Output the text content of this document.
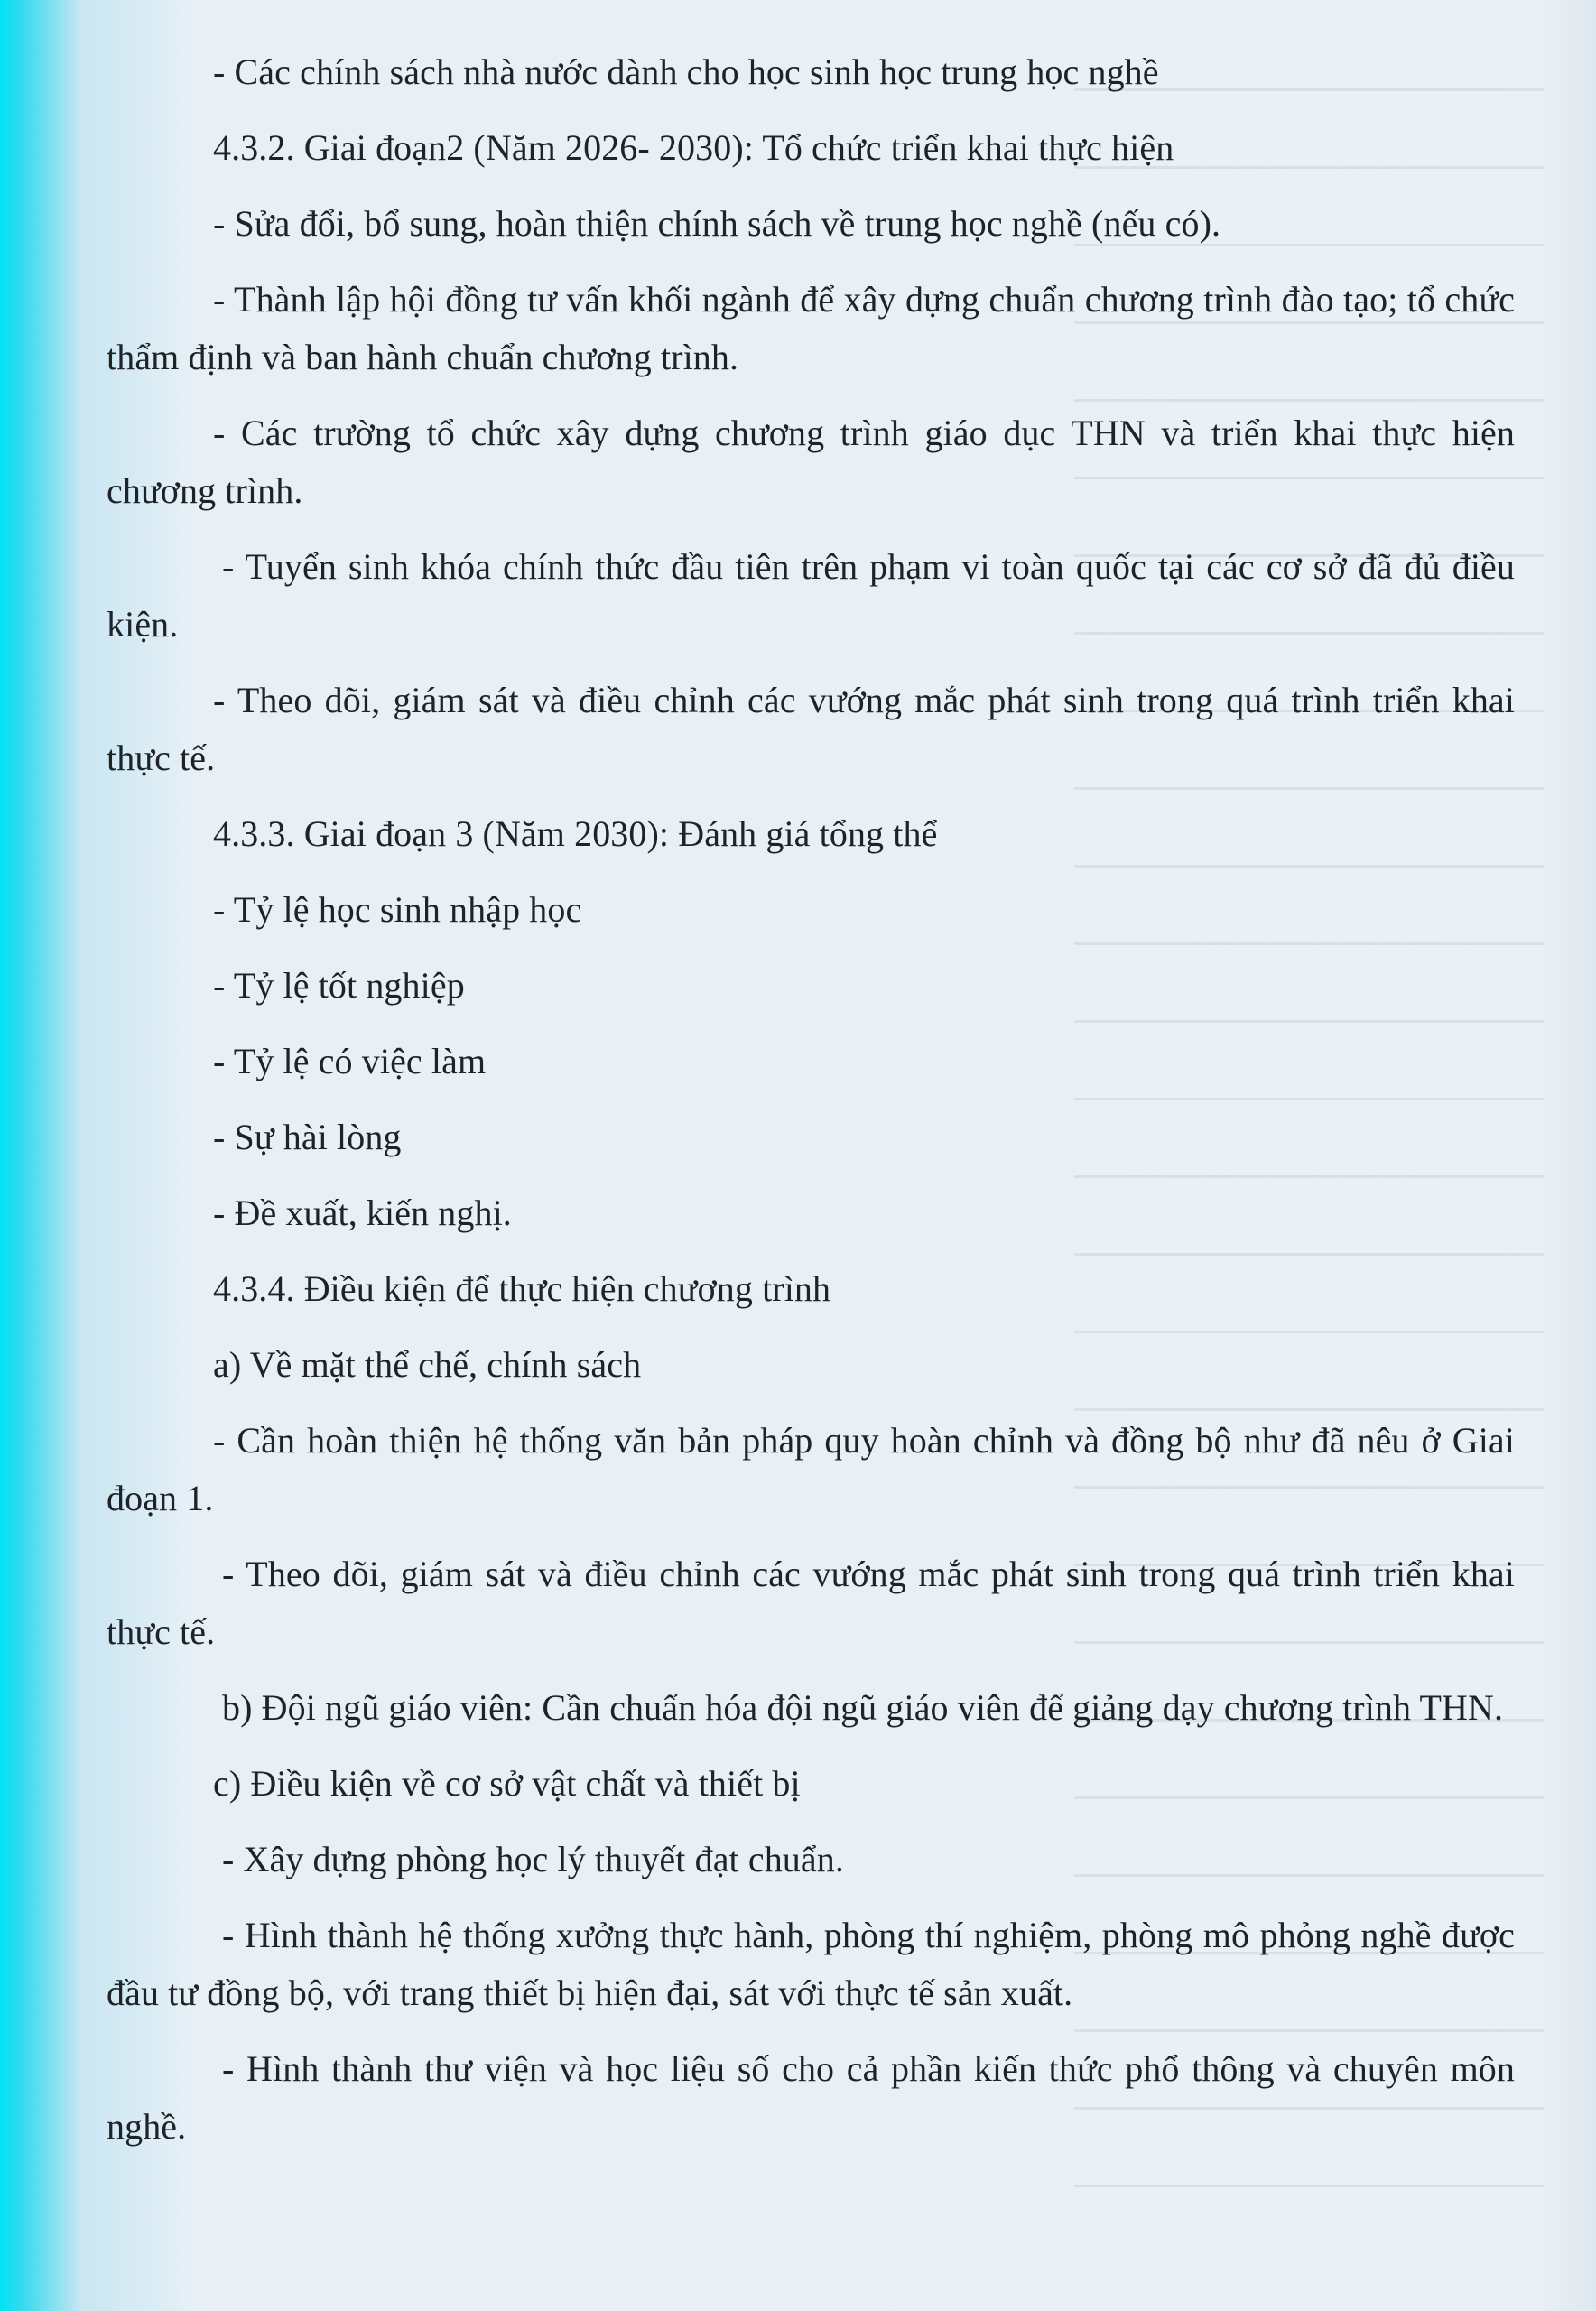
- Các chính sách nhà nước dành cho học sinh học trung học nghề

4.3.2. Giai đoạn2 (Năm 2026- 2030): Tổ chức triển khai thực hiện

- Sửa đổi, bổ sung, hoàn thiện chính sách về trung học nghề (nếu có).

- Thành lập hội đồng tư vấn khối ngành để xây dựng chuẩn chương trình đào tạo; tổ chức thẩm định và ban hành chuẩn chương trình.

- Các trường tổ chức xây dựng chương trình giáo dục THN và triển khai thực hiện chương trình.

- Tuyển sinh khóa chính thức đầu tiên trên phạm vi toàn quốc tại các cơ sở đã đủ điều kiện.

- Theo dõi, giám sát và điều chỉnh các vướng mắc phát sinh trong quá trình triển khai thực tế.

4.3.3. Giai đoạn 3 (Năm 2030): Đánh giá tổng thể

- Tỷ lệ học sinh nhập học

- Tỷ lệ tốt nghiệp

- Tỷ lệ có việc làm

- Sự hài lòng

- Đề xuất, kiến nghị.

4.3.4. Điều kiện để thực hiện chương trình

a) Về mặt thể chế, chính sách

- Cần hoàn thiện hệ thống văn bản pháp quy hoàn chỉnh và đồng bộ như đã nêu ở Giai đoạn 1.

- Theo dõi, giám sát và điều chỉnh các vướng mắc phát sinh trong quá trình triển khai thực tế.

b) Đội ngũ giáo viên: Cần chuẩn hóa đội ngũ giáo viên để giảng dạy chương trình THN.

c) Điều kiện về cơ sở vật chất và thiết bị

- Xây dựng phòng học lý thuyết đạt chuẩn.

- Hình thành hệ thống xưởng thực hành, phòng thí nghiệm, phòng mô phỏng nghề được đầu tư đồng bộ, với trang thiết bị hiện đại, sát với thực tế sản xuất.

- Hình thành thư viện và học liệu số cho cả phần kiến thức phổ thông và chuyên môn nghề.
